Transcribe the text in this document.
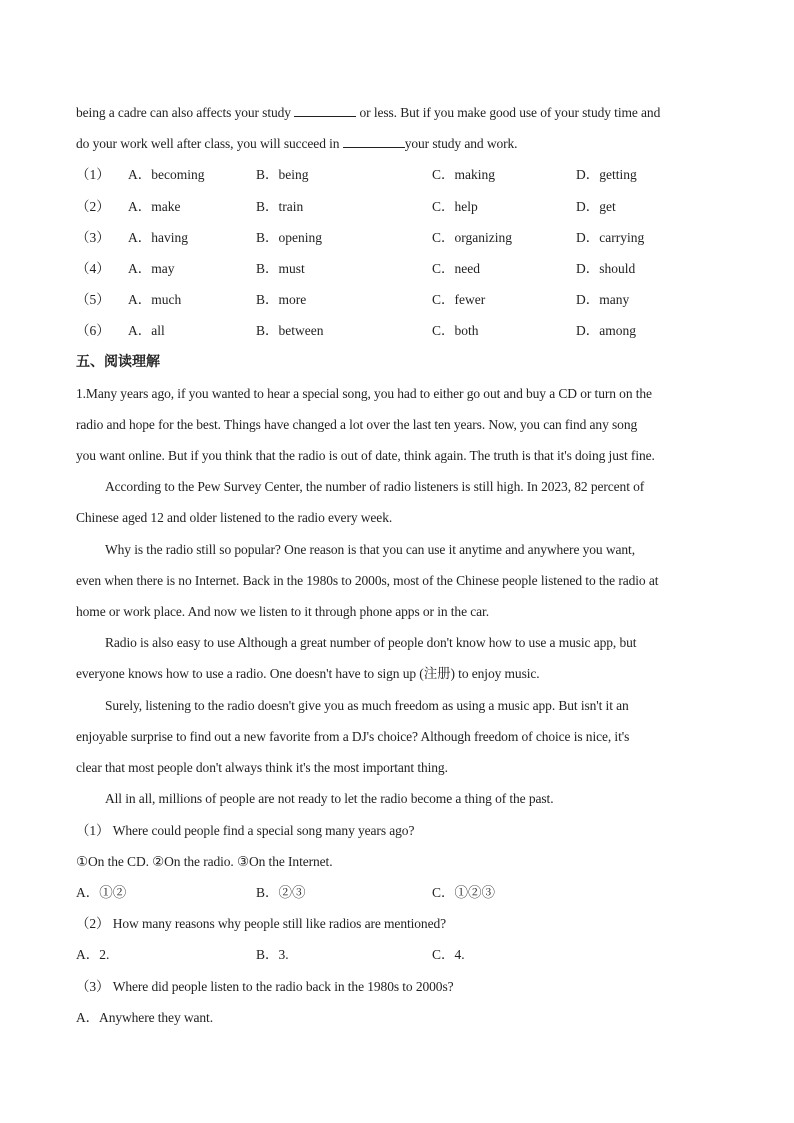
being a cadre can also affects your study	or less. But if you make good use of your study time and
do your work well after class, you will succeed in	your study and work.
（1） A．becoming	B．being	C．making	D．getting
（2） A．make	B．train	C．help	D．get
（3） A．having	B．opening	C．organizing	D．carrying
（4） A．may	B．must	C．need	D．should
（5） A．much	B．more	C．fewer	D．many
（6） A．all	B．between	C．both	D．among
五、阅读理解
1.Many years ago, if you wanted to hear a special song, you had to either go out and buy a CD or turn on the
radio and hope for the best. Things have changed a lot over the last ten years. Now, you can find any song
you want online. But if you think that the radio is out of date, think again. The truth is that it's doing just fine.
According to the Pew Survey Center, the number of radio listeners is still high. In 2023, 82 percent of
Chinese aged 12 and older listened to the radio every week.
Why is the radio still so popular? One reason is that you can use it anytime and anywhere you want,
even when there is no Internet. Back in the 1980s to 2000s, most of the Chinese people listened to the radio at
home or work place. And now we listen to it through phone apps or in the car.
Radio is also easy to use Although a great number of people don't know how to use a music app, but
everyone knows how to use a radio. One doesn't have to sign up (注册) to enjoy music.
Surely, listening to the radio doesn't give you as much freedom as using a music app. But isn't it an
enjoyable surprise to find out a new favorite from a DJ's choice? Although freedom of choice is nice, it's
clear that most people don't always think it's the most important thing.
All in all, millions of people are not ready to let the radio become a thing of the past.
（1） Where could people find a special song many years ago?
①On the CD. ②On the radio. ③On the Internet.
A．①②	B．②③	C．①②③
（2） How many reasons why people still like radios are mentioned?
A．2.	B．3.	C．4.
（3） Where did people listen to the radio back in the 1980s to 2000s?
A．Anywhere they want.
